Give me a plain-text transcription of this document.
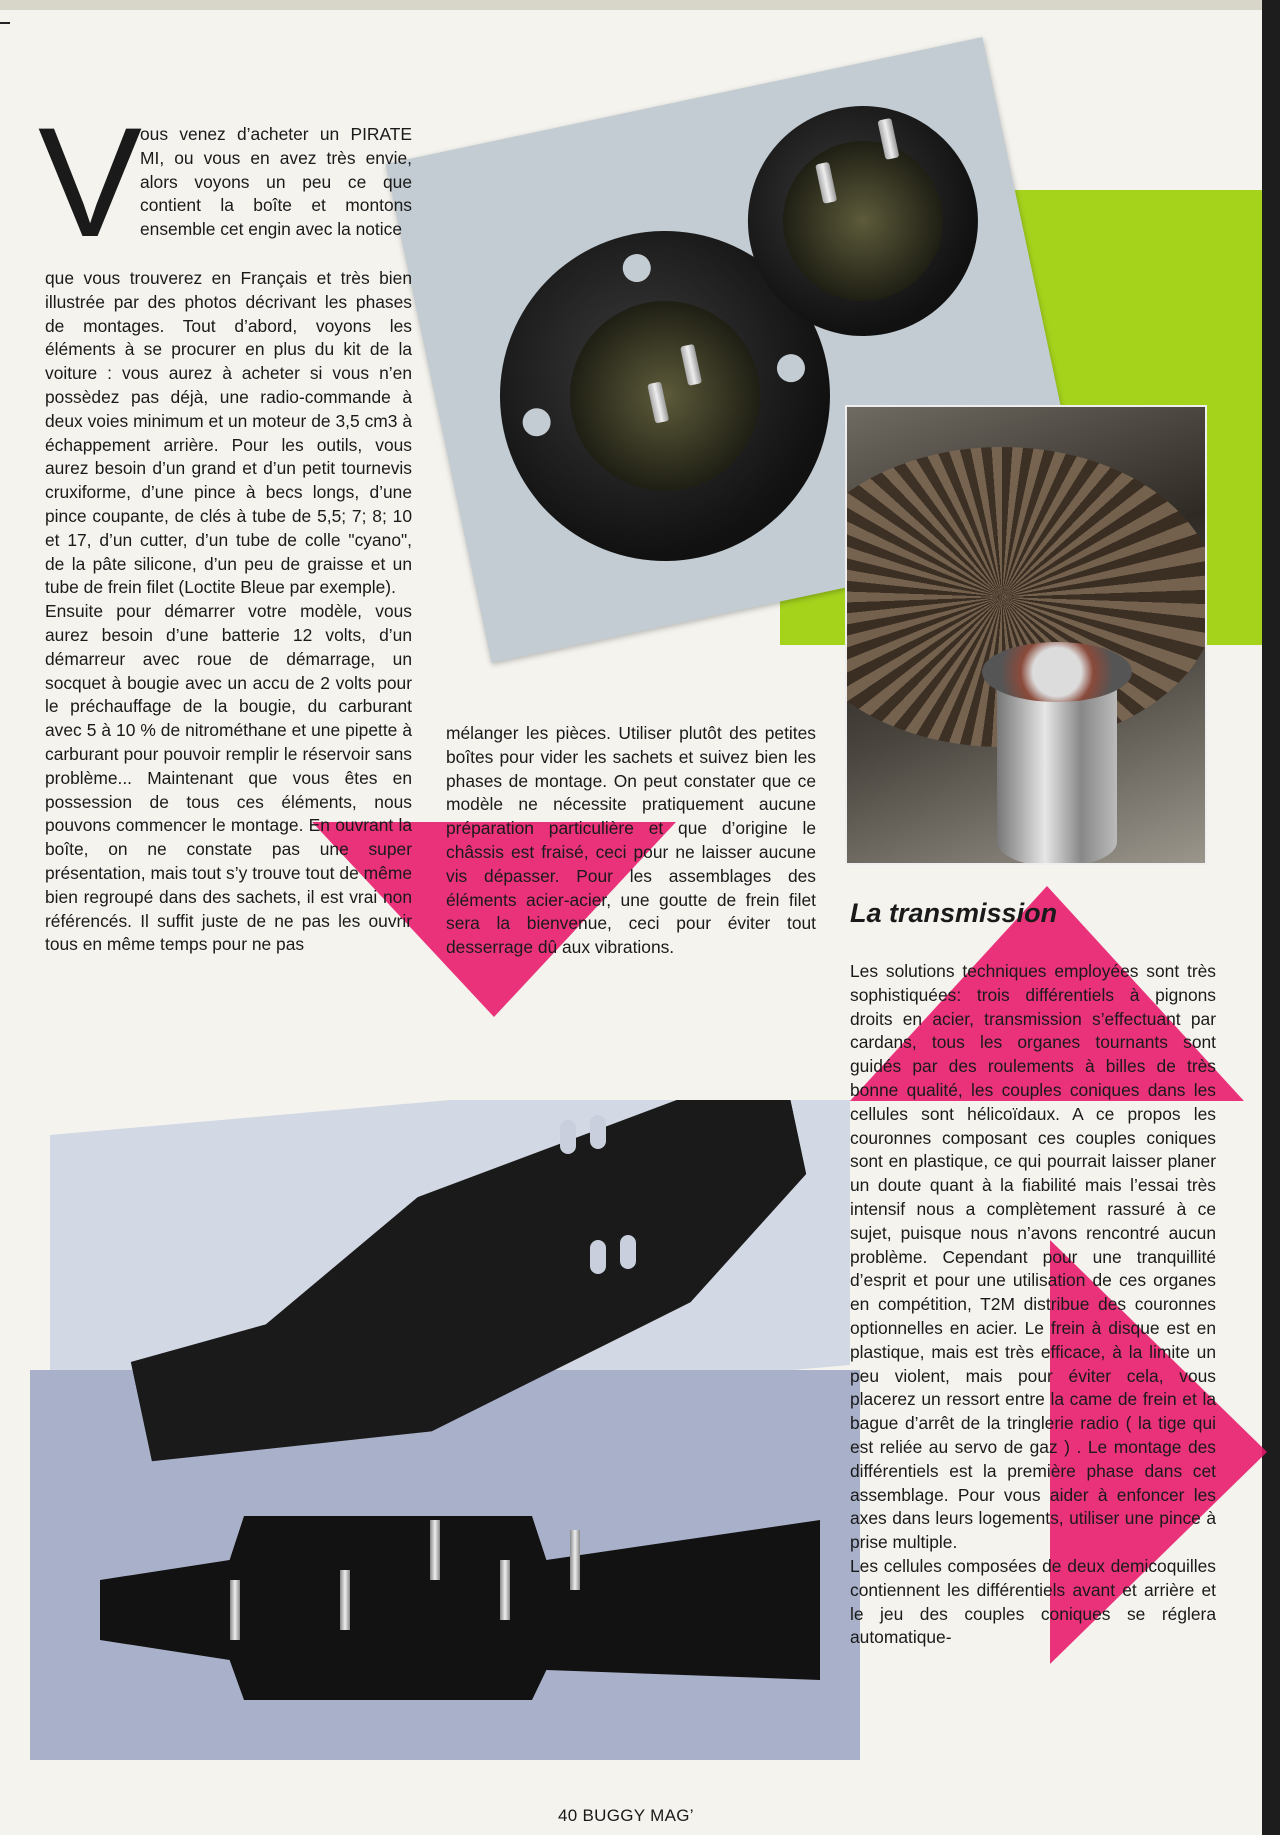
V
ous venez d’acheter un PIRATE MI, ou vous en avez très envie, alors voyons un peu ce que contient la boîte et montons ensemble cet engin avec la notice
que vous trouverez en Français et très bien illustrée par des photos décrivant les phases de montages. Tout d’abord, voyons les éléments à se procurer en plus du kit de la voiture : vous aurez à acheter si vous n’en possèdez pas déjà, une radio-commande à deux voies minimum et un moteur de 3,5 cm3 à échappement arrière. Pour les outils, vous aurez besoin d’un grand et d’un petit tournevis cruxiforme, d’une pince à becs longs, d’une pince coupante, de clés à tube de 5,5; 7; 8; 10 et 17, d’un cutter, d’un tube de colle "cyano", de la pâte silicone, d’un peu de graisse et un tube de frein filet (Loctite Bleue par exemple).
Ensuite pour démarrer votre modèle, vous aurez besoin d’une batterie 12 volts, d’un démarreur avec roue de démarrage, un socquet à bougie avec un accu de 2 volts pour le préchauffage de la bougie, du carburant avec 5 à 10 % de nitrométhane et une pipette à carburant pour pouvoir remplir le réservoir sans problème... Maintenant que vous êtes en possession de tous ces éléments, nous pouvons commencer le montage. En ouvrant la boîte, on ne constate pas une super présentation, mais tout s’y trouve tout de même bien regroupé dans des sachets, il est vrai non référencés. Il suffit juste de ne pas les ouvrir tous en même temps pour ne pas
mélanger les pièces. Utiliser plutôt des petites boîtes pour vider les sachets et suivez bien les phases de montage. On peut constater que ce modèle ne nécessite pratiquement aucune préparation particulière et que d’origine le châssis est fraisé, ceci pour ne laisser aucune vis dépasser. Pour les assemblages des éléments acier-acier, une goutte de frein filet sera la bienvenue, ceci pour éviter tout desserrage dû aux vibrations.
La transmission
Les solutions techniques employées sont très sophistiquées: trois différentiels à pignons droits en acier, transmission s’effectuant par cardans, tous les organes tournants sont guidés par des roulements à billes de très bonne qualité, les couples coniques dans les cellules sont hélicoïdaux. A ce propos les couronnes composant ces couples coniques sont en plastique, ce qui pourrait laisser planer un doute quant à la fiabilité mais l’essai très intensif nous a complètement rassuré à ce sujet, puisque nous n’avons rencontré aucun problème. Cependant pour une tranquillité d’esprit et pour une utilisation de ces organes en compétition, T2M distribue des couronnes optionnelles en acier. Le frein à disque est en plastique, mais est très efficace, à la limite un peu violent, mais pour éviter cela, vous placerez un ressort entre la came de frein et la bague d’arrêt de la tringlerie radio ( la tige qui est reliée au servo de gaz ) . Le montage des différentiels est la première phase dans cet assemblage. Pour vous aider à enfoncer les axes dans leurs logements, utiliser une pince à prise multiple.
Les cellules composées de deux demicoquilles contiennent les différentiels avant et arrière et le jeu des couples coniques se réglera automatique-
40 BUGGY MAG’
